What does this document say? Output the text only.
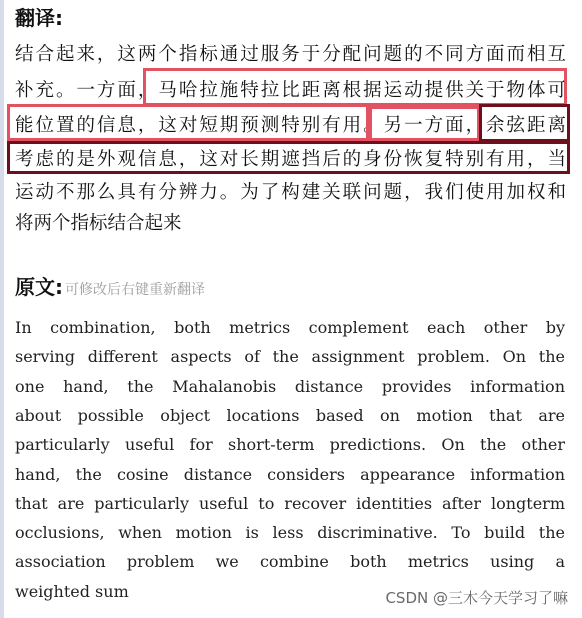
翻译:
结合起来，这两个指标通过服务于分配问题的不同方面而相互
补充。一方面，马哈拉施特拉比距离根据运动提供关于物体可
能位置的信息，这对短期预测特别有用。另一方面，余弦距离
考虑的是外观信息，这对长期遮挡后的身份恢复特别有用，当
运动不那么具有分辨力。为了构建关联问题，我们使用加权和
将两个指标结合起来
原文: 可修改后右键重新翻译
In combination, both metrics complement each other by
serving different aspects of the assignment problem. On the
one hand, the Mahalanobis distance provides information
about possible object locations based on motion that are
particularly useful for short-term predictions. On the other
hand, the cosine distance considers appearance information
that are particularly useful to recover identities after longterm
occlusions, when motion is less discriminative. To build the
association problem we combine both metrics using a
weighted sum	CSDN @三木今天学习了嘛
